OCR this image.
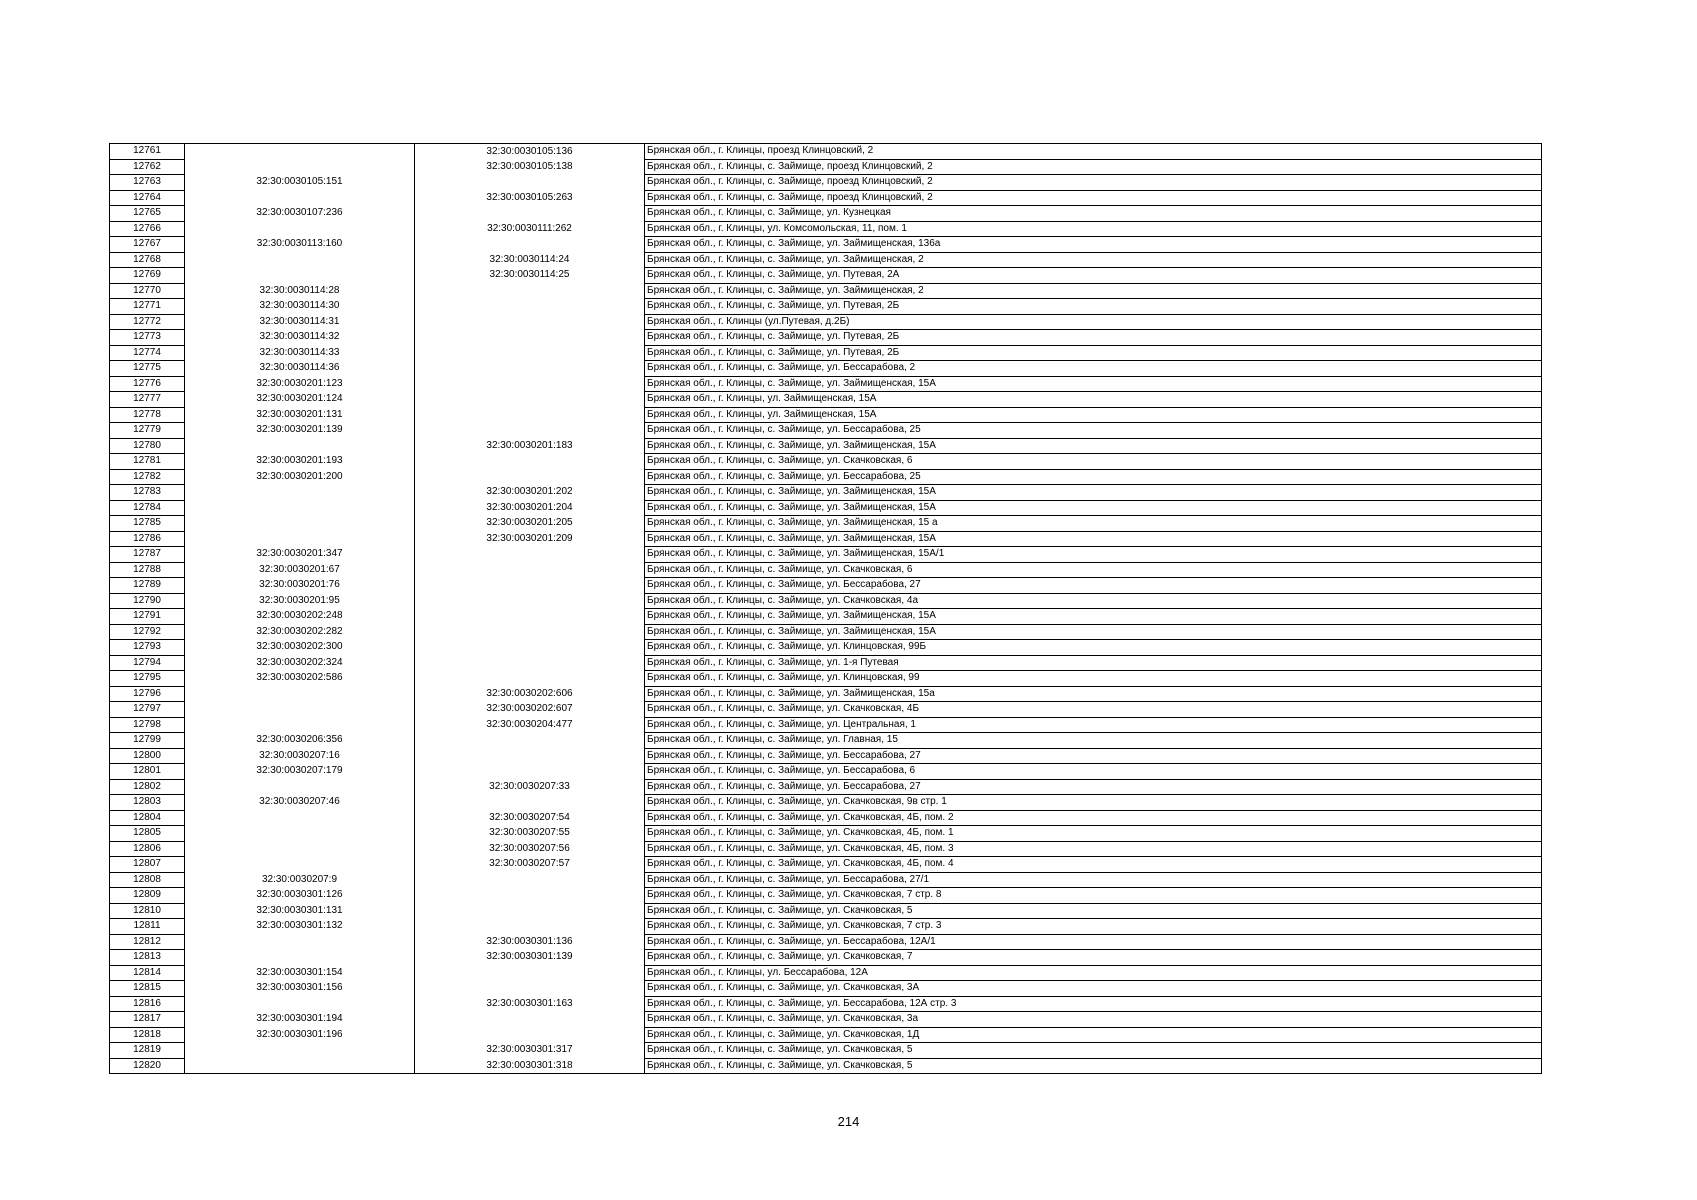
12761		32:30:0030105:136	Брянская обл., г. Клинцы, проезд Клинцовский, 2
12762		32:30:0030105:138	Брянская обл., г. Клинцы, с. Займище, проезд Клинцовский, 2
12763	32:30:0030105:151		Брянская обл., г. Клинцы, с. Займище, проезд Клинцовский, 2
12764		32:30:0030105:263	Брянская обл., г. Клинцы, с. Займище, проезд Клинцовский, 2
12765	32:30:0030107:236		Брянская обл., г. Клинцы, с. Займище, ул. Кузнецкая
12766		32:30:0030111:262	Брянская обл., г. Клинцы, ул. Комсомольская, 11, пом. 1
12767	32:30:0030113:160		Брянская обл., г. Клинцы, с. Займище, ул. Займищенская, 136а
12768		32:30:0030114:24	Брянская обл., г. Клинцы, с. Займище, ул. Займищенская, 2
12769		32:30:0030114:25	Брянская обл., г. Клинцы, с. Займище, ул. Путевая, 2А
12770	32:30:0030114:28		Брянская обл., г. Клинцы, с. Займище, ул. Займищенская, 2
12771	32:30:0030114:30		Брянская обл., г. Клинцы, с. Займище, ул. Путевая, 2Б
12772	32:30:0030114:31		Брянская обл., г. Клинцы (ул.Путевая, д.2Б)
12773	32:30:0030114:32		Брянская обл., г. Клинцы, с. Займище, ул. Путевая, 2Б
12774	32:30:0030114:33		Брянская обл., г. Клинцы, с. Займище, ул. Путевая, 2Б
12775	32:30:0030114:36		Брянская обл., г. Клинцы, с. Займище, ул. Бессарабова, 2
12776	32:30:0030201:123		Брянская обл., г. Клинцы, с. Займище, ул. Займищенская, 15А
12777	32:30:0030201:124		Брянская обл., г. Клинцы, ул. Займищенская, 15А
12778	32:30:0030201:131		Брянская обл., г. Клинцы, ул. Займищенская, 15А
12779	32:30:0030201:139		Брянская обл., г. Клинцы, с. Займище, ул. Бессарабова, 25
12780		32:30:0030201:183	Брянская обл., г. Клинцы, с. Займище, ул. Займищенская, 15А
12781	32:30:0030201:193		Брянская обл., г. Клинцы, с. Займище, ул. Скачковская, 6
12782	32:30:0030201:200		Брянская обл., г. Клинцы, с. Займище, ул. Бессарабова, 25
12783		32:30:0030201:202	Брянская обл., г. Клинцы, с. Займище, ул. Займищенская, 15А
12784		32:30:0030201:204	Брянская обл., г. Клинцы, с. Займище, ул. Займищенская, 15А
12785		32:30:0030201:205	Брянская обл., г. Клинцы, с. Займище, ул. Займищенская, 15 а
12786		32:30:0030201:209	Брянская обл., г. Клинцы, с. Займище, ул. Займищенская, 15А
12787	32:30:0030201:347		Брянская обл., г. Клинцы, с. Займище, ул. Займищенская, 15А/1
12788	32:30:0030201:67		Брянская обл., г. Клинцы, с. Займище, ул. Скачковская, 6
12789	32:30:0030201:76		Брянская обл., г. Клинцы, с. Займище, ул. Бессарабова, 27
12790	32:30:0030201:95		Брянская обл., г. Клинцы, с. Займище, ул. Скачковская, 4а
12791	32:30:0030202:248		Брянская обл., г. Клинцы, с. Займище, ул. Займищенская, 15А
12792	32:30:0030202:282		Брянская обл., г. Клинцы, с. Займище, ул. Займищенская, 15А
12793	32:30:0030202:300		Брянская обл., г. Клинцы, с. Займище, ул. Клинцовская, 99Б
12794	32:30:0030202:324		Брянская обл., г. Клинцы, с. Займище, ул. 1-я Путевая
12795	32:30:0030202:586		Брянская обл., г. Клинцы, с. Займище, ул. Клинцовская, 99
12796		32:30:0030202:606	Брянская обл., г. Клинцы, с. Займище, ул. Займищенская, 15а
12797		32:30:0030202:607	Брянская обл., г. Клинцы, с. Займище, ул. Скачковская, 4Б
12798		32:30:0030204:477	Брянская обл., г. Клинцы, с. Займище, ул. Центральная, 1
12799	32:30:0030206:356		Брянская обл., г. Клинцы, с. Займище, ул. Главная, 15
12800	32:30:0030207:16		Брянская обл., г. Клинцы, с. Займище, ул. Бессарабова, 27
12801	32:30:0030207:179		Брянская обл., г. Клинцы, с. Займище, ул. Бессарабова, 6
12802		32:30:0030207:33	Брянская обл., г. Клинцы, с. Займище, ул. Бессарабова, 27
12803	32:30:0030207:46		Брянская обл., г. Клинцы, с. Займище, ул. Скачковская, 9в стр. 1
12804		32:30:0030207:54	Брянская обл., г. Клинцы, с. Займище, ул. Скачковская, 4Б, пом. 2
12805		32:30:0030207:55	Брянская обл., г. Клинцы, с. Займище, ул. Скачковская, 4Б, пом. 1
12806		32:30:0030207:56	Брянская обл., г. Клинцы, с. Займище, ул. Скачковская, 4Б, пом. 3
12807		32:30:0030207:57	Брянская обл., г. Клинцы, с. Займище, ул. Скачковская, 4Б, пом. 4
12808	32:30:0030207:9		Брянская обл., г. Клинцы, с. Займище, ул. Бессарабова, 27/1
12809	32:30:0030301:126		Брянская обл., г. Клинцы, с. Займище, ул. Скачковская, 7 стр. 8
12810	32:30:0030301:131		Брянская обл., г. Клинцы, с. Займище, ул. Скачковская, 5
12811	32:30:0030301:132		Брянская обл., г. Клинцы, с. Займище, ул. Скачковская, 7 стр. 3
12812		32:30:0030301:136	Брянская обл., г. Клинцы, с. Займище, ул. Бессарабова, 12А/1
12813		32:30:0030301:139	Брянская обл., г. Клинцы, с. Займище, ул. Скачковская, 7
12814	32:30:0030301:154		Брянская обл., г. Клинцы, ул. Бессарабова, 12А
12815	32:30:0030301:156		Брянская обл., г. Клинцы, с. Займище, ул. Скачковская, 3А
12816		32:30:0030301:163	Брянская обл., г. Клинцы, с. Займище, ул. Бессарабова, 12А стр. 3
12817	32:30:0030301:194		Брянская обл., г. Клинцы, с. Займище, ул. Скачковская, 3а
12818	32:30:0030301:196		Брянская обл., г. Клинцы, с. Займище, ул. Скачковская, 1Д
12819		32:30:0030301:317	Брянская обл., г. Клинцы, с. Займище, ул. Скачковская, 5
12820		32:30:0030301:318	Брянская обл., г. Клинцы, с. Займище, ул. Скачковская, 5
214
